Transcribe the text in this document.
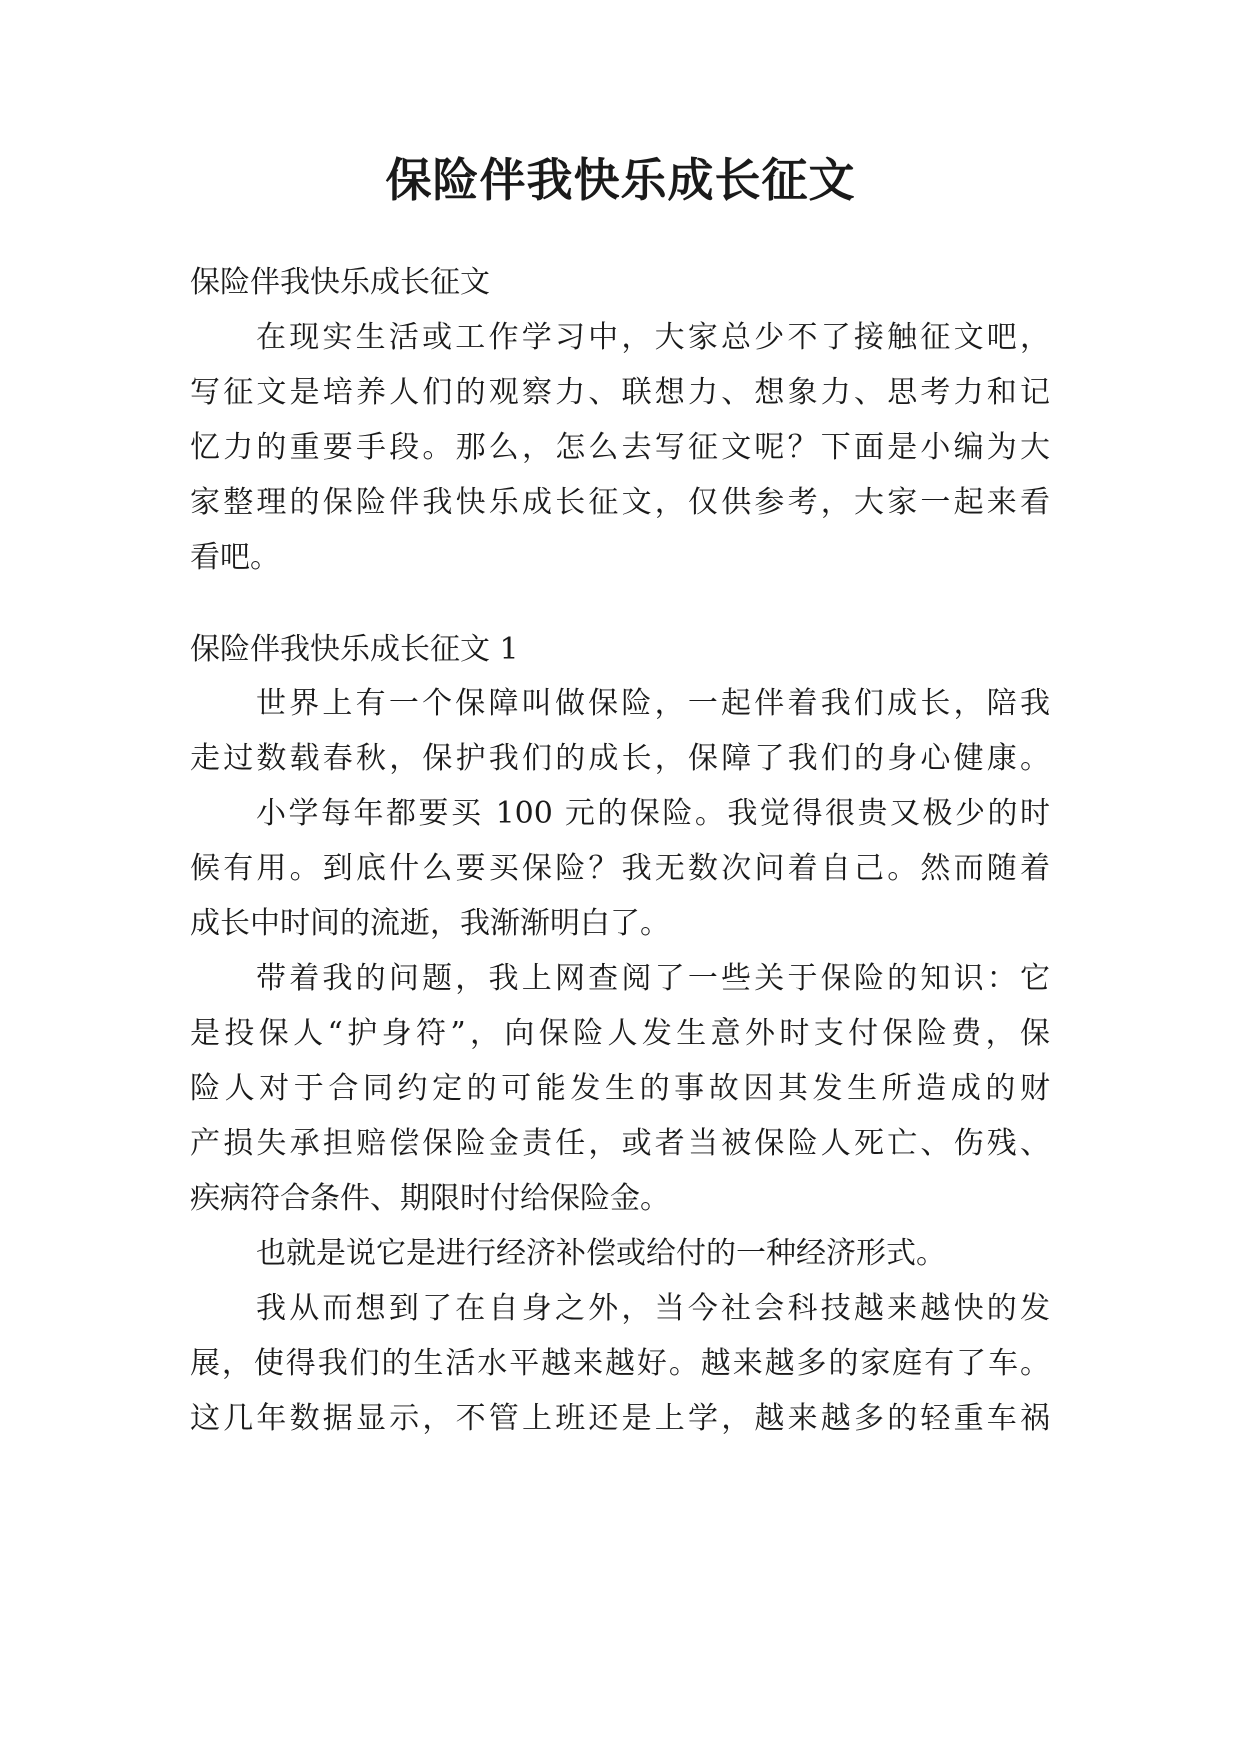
保险伴我快乐成长征文

保险伴我快乐成长征文

在现实生活或工作学习中，大家总少不了接触征文吧，

写征文是培养人们的观察力、联想力、想象力、思考力和记

忆力的重要手段。那么，怎么去写征文呢？下面是小编为大

家整理的保险伴我快乐成长征文，仅供参考，大家一起来看

看吧。

保险伴我快乐成长征文 1

世界上有一个保障叫做保险，一起伴着我们成长，陪我

走过数载春秋，保护我们的成长，保障了我们的身心健康。

小学每年都要买 100 元的保险。我觉得很贵又极少的时

候有用。到底什么要买保险？我无数次问着自己。然而随着

成长中时间的流逝，我渐渐明白了。

带着我的问题，我上网查阅了一些关于保险的知识：它

是投保人“护身符”，向保险人发生意外时支付保险费，保

险人对于合同约定的可能发生的事故因其发生所造成的财

产损失承担赔偿保险金责任，或者当被保险人死亡、伤残、

疾病符合条件、期限时付给保险金。

也就是说它是进行经济补偿或给付的一种经济形式。

我从而想到了在自身之外，当今社会科技越来越快的发

展，使得我们的生活水平越来越好。越来越多的家庭有了车。

这几年数据显示，不管上班还是上学，越来越多的轻重车祸
